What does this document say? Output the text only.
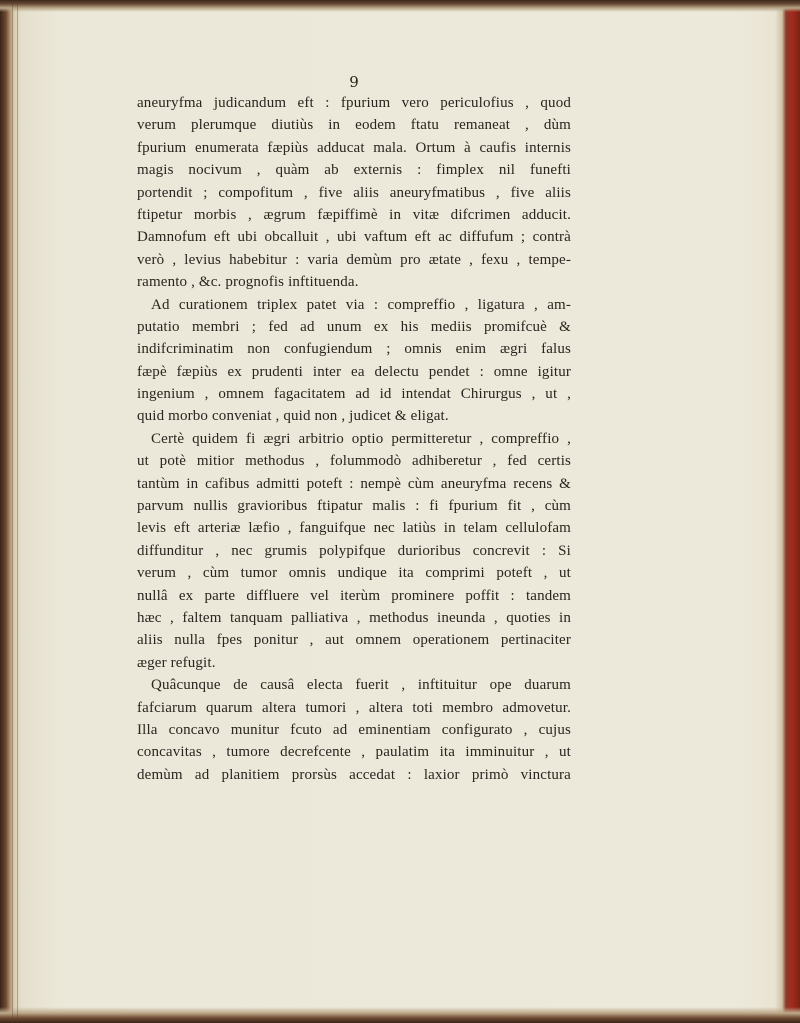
9
aneuryfma judicandum eft : fpurium vero periculofius , quod
verum plerumque diutiùs in eodem ftatu remaneat , dùm
fpurium enumerata fæpiùs adducat mala. Ortum à caufis internis
magis nocivum , quàm ab externis : fimplex nil funefti
portendit ; compofitum , five aliis aneuryfmatibus , five aliis
ftipetur morbis , ægrum fæpiffimè in vitæ difcrimen adducit.
Damnofum eft ubi obcalluit , ubi vaftum eft ac diffufum ; contrà
verò , levius habebitur : varia demùm pro ætate , fexu , tempe-
ramento , &c. prognofis inftituenda.
Ad curationem triplex patet via : compreffio , ligatura , am-
putatio membri ; fed ad unum ex his mediis promifcuè &
indifcriminatim non confugiendum ; omnis enim ægri falus
fæpè fæpiùs ex prudenti inter ea delectu pendet : omne igitur
ingenium , omnem fagacitatem ad id intendat Chirurgus , ut ,
quid morbo conveniat , quid non , judicet & eligat.
Certè quidem fi ægri arbitrio optio permitteretur , compreffio ,
ut potè mitior methodus , folummodò adhiberetur , fed certis
tantùm in cafibus admitti poteft : nempè cùm aneuryfma recens &
parvum nullis gravioribus ftipatur malis : fi fpurium fit , cùm
levis eft arteriæ læfio , fanguifque nec latiùs in telam cellulofam
diffunditur , nec grumis polypifque durioribus concrevit : Si
verum , cùm tumor omnis undique ita comprimi poteft , ut
nullâ ex parte diffluere vel iterùm prominere poffit : tandem
hæc , faltem tanquam palliativa , methodus ineunda , quoties in
aliis nulla fpes ponitur , aut omnem operationem pertinaciter
æger refugit.
Quâcunque de causâ electa fuerit , inftituitur ope duarum
fafciarum quarum altera tumori , altera toti membro admovetur.
Illa concavo munitur fcuto ad eminentiam configurato , cujus
concavitas , tumore decrefcente , paulatim ita imminuitur , ut
demùm ad planitiem prorsùs accedat : laxior primò vinctura
